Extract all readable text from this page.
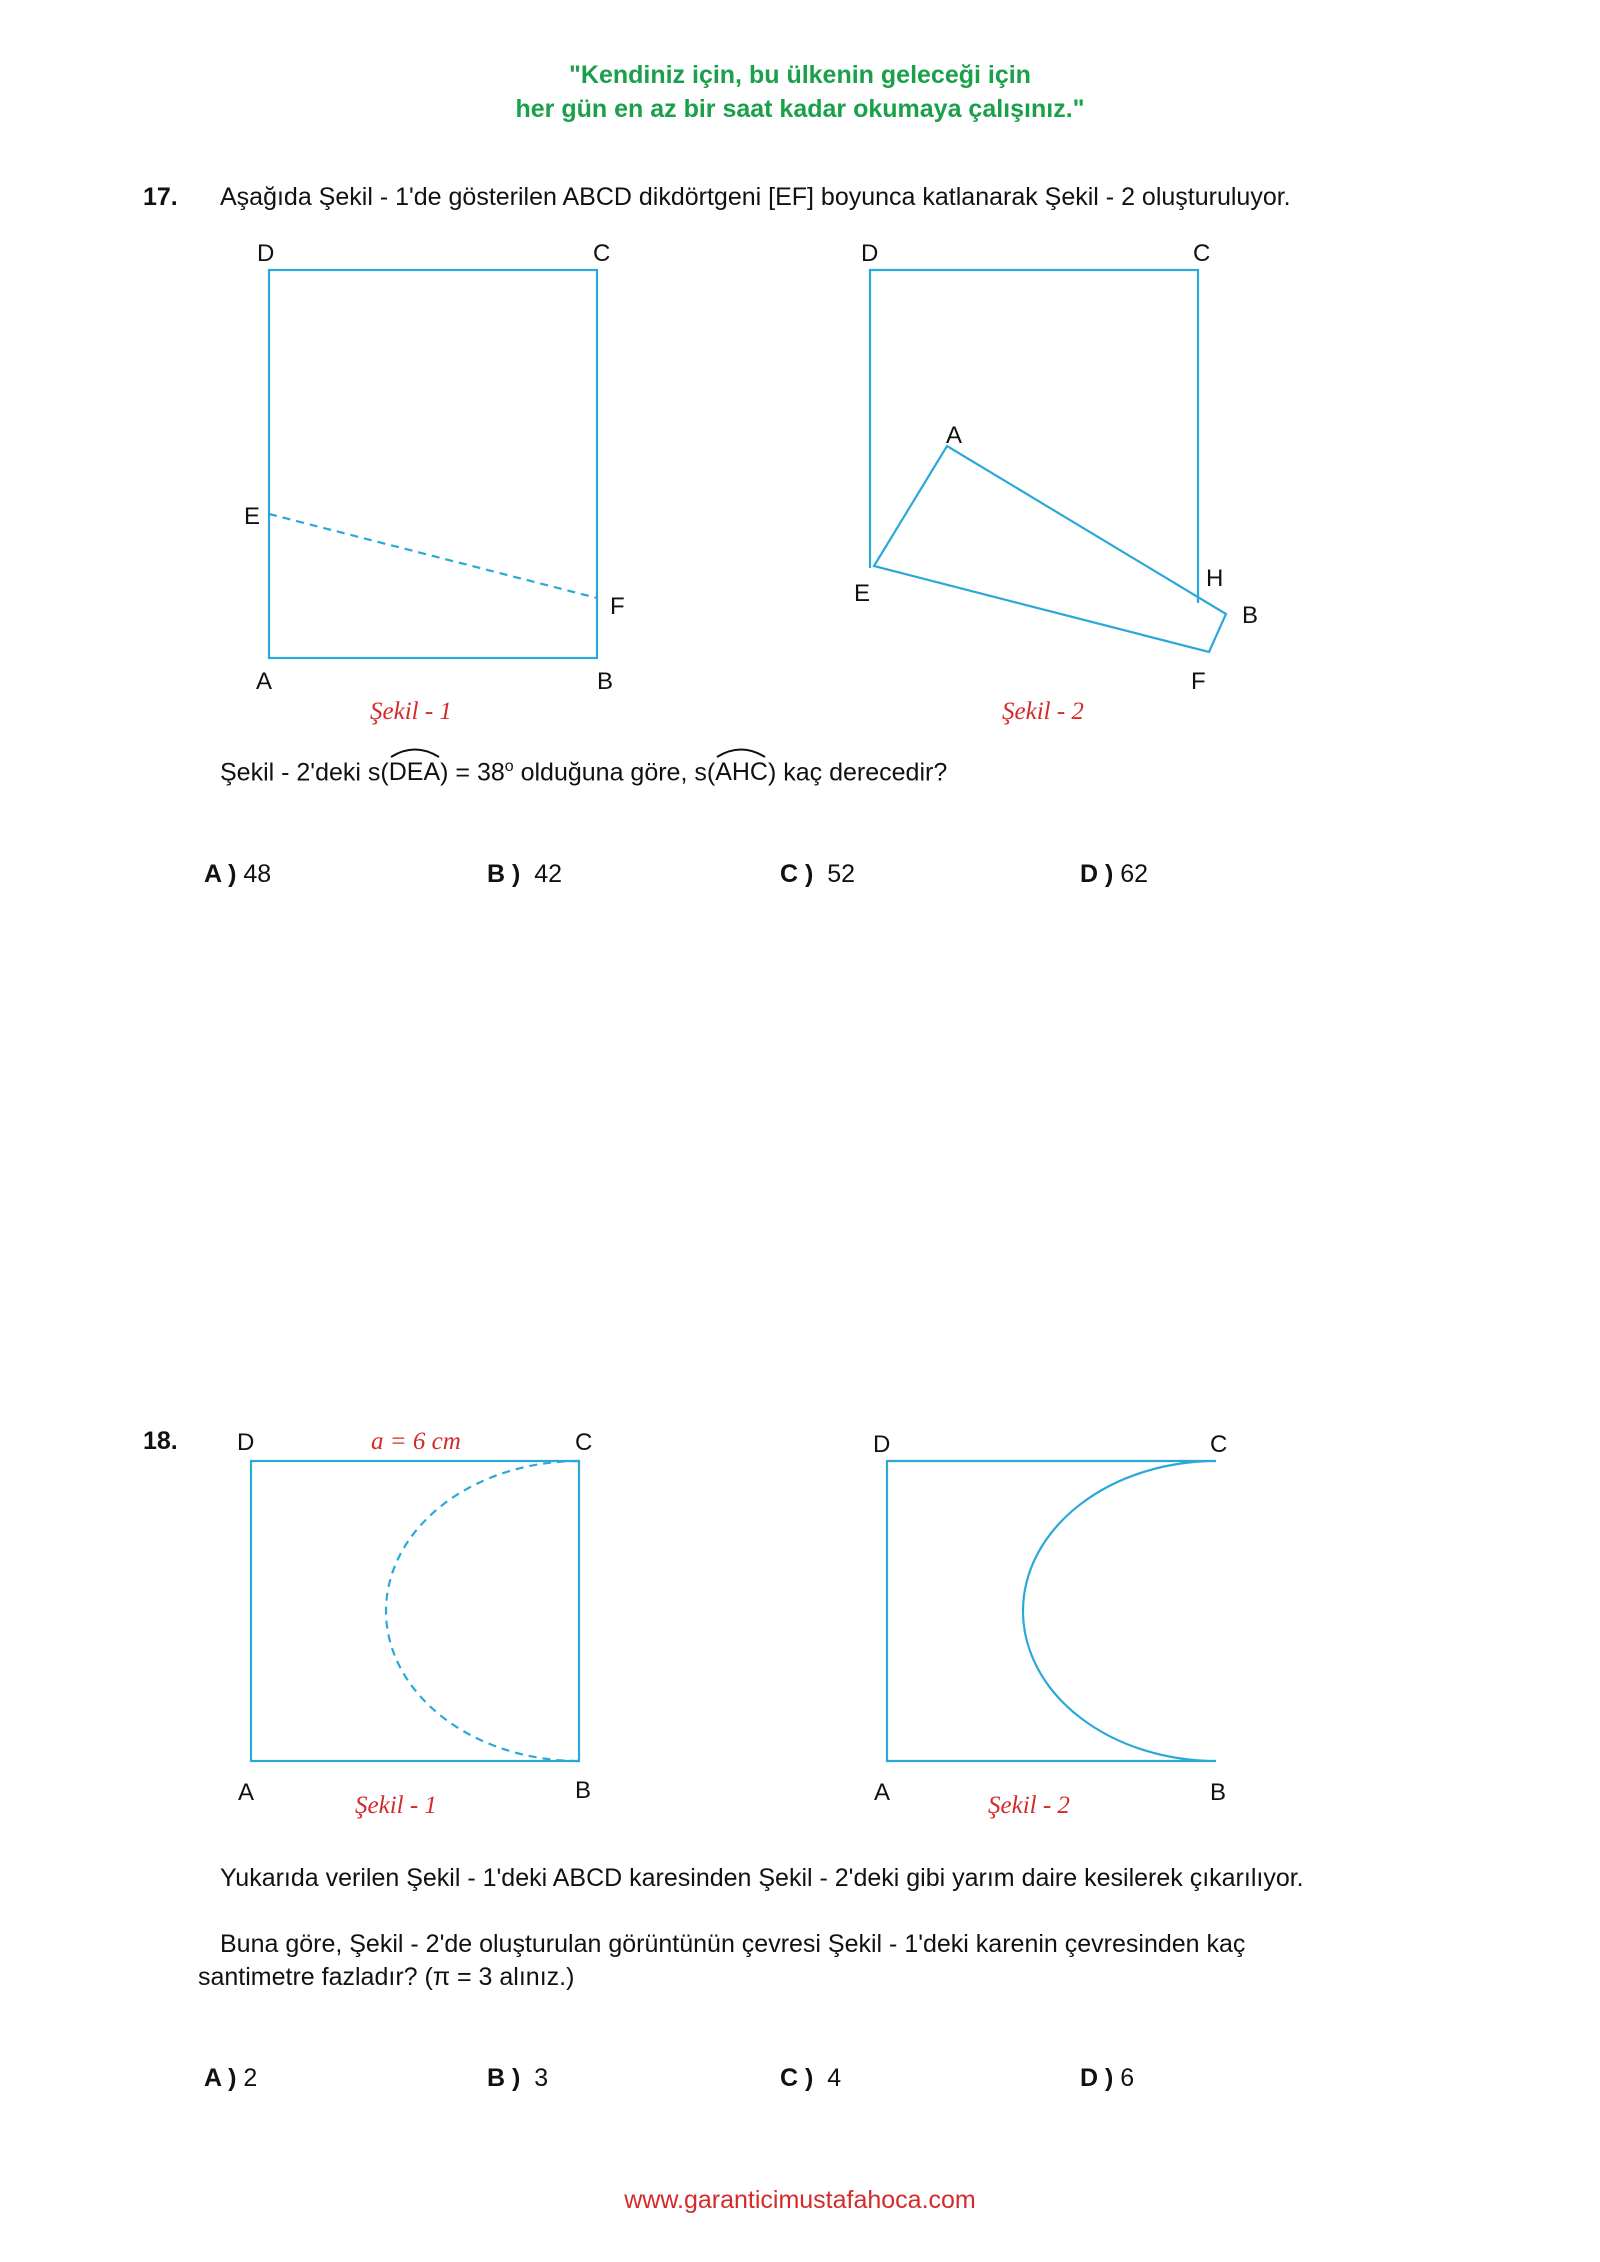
"Kendiniz için, bu ülkenin geleceği için
her gün en az bir saat kadar okumaya çalışınız."
17. Aşağıda Şekil - 1'de gösterilen ABCD dikdörtgeni [EF] boyunca katlanarak Şekil - 2 oluşturuluyor.
D	C
E
F
A	B
Şekil - 1
D	C
A
H
E
B
F
Şekil - 2
Şekil - 2'deki s(
$DEA) = 38^o$ olduğuna göre, s(
AHC) kaç derecedir?
A ) 48	B ) 42	C ) 52	D ) 62
18. D	a = 6 cm	C
A	B
Şekil - 1
D	C
A	B
Şekil - 2
Yukarıda verilen Şekil - 1'deki ABCD karesinden Şekil - 2'deki gibi yarım daire kesilerek çıkarılıyor.
Buna göre, Şekil - 2'de oluşturulan görüntünün çevresi Şekil - 1'deki karenin çevresinden kaç
santimetre fazladır? (π = 3 alınız.)
A ) 2	B ) 3	C ) 4	D ) 6
www.garanticimustafahoca.com
